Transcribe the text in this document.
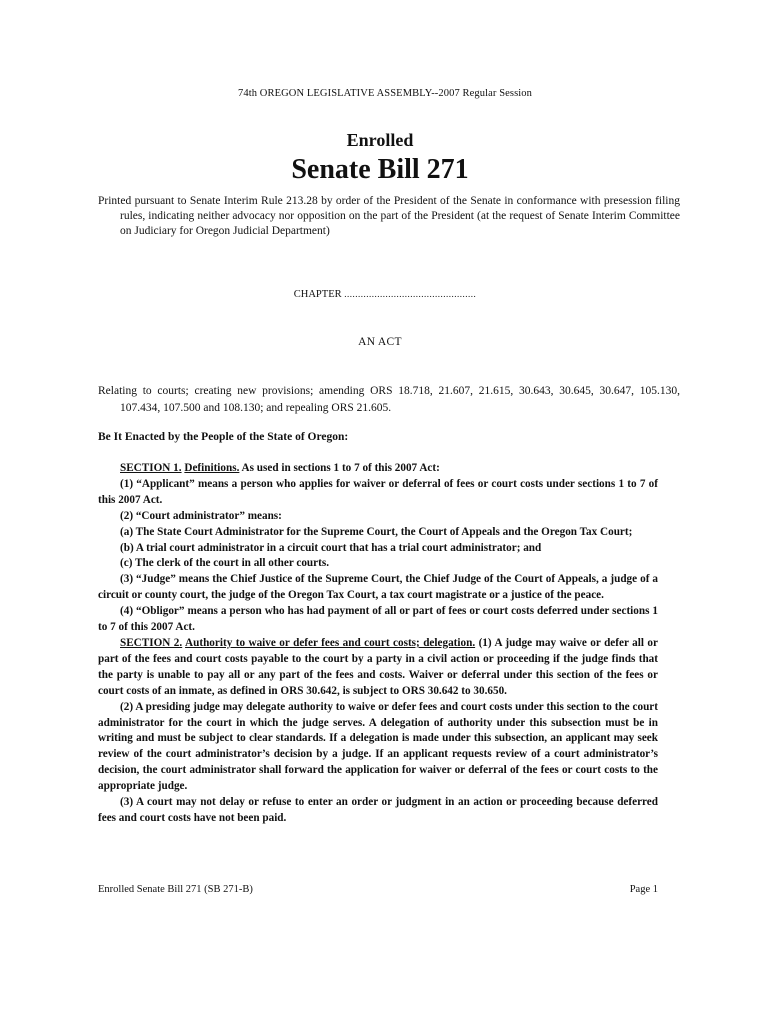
74th OREGON LEGISLATIVE ASSEMBLY--2007 Regular Session
Enrolled
Senate Bill 271
Printed pursuant to Senate Interim Rule 213.28 by order of the President of the Senate in conformance with presession filing rules, indicating neither advocacy nor opposition on the part of the President (at the request of Senate Interim Committee on Judiciary for Oregon Judicial Department)
CHAPTER ................................................
AN ACT
Relating to courts; creating new provisions; amending ORS 18.718, 21.607, 21.615, 30.643, 30.645, 30.647, 105.130, 107.434, 107.500 and 108.130; and repealing ORS 21.605.
Be It Enacted by the People of the State of Oregon:

SECTION 1. Definitions. As used in sections 1 to 7 of this 2007 Act:

(1) “Applicant” means a person who applies for waiver or deferral of fees or court costs under sections 1 to 7 of this 2007 Act.

(2) “Court administrator” means:

(a) The State Court Administrator for the Supreme Court, the Court of Appeals and the Oregon Tax Court;

(b) A trial court administrator in a circuit court that has a trial court administrator; and

(c) The clerk of the court in all other courts.

(3) “Judge” means the Chief Justice of the Supreme Court, the Chief Judge of the Court of Appeals, a judge of a circuit or county court, the judge of the Oregon Tax Court, a tax court magistrate or a justice of the peace.

(4) “Obligor” means a person who has had payment of all or part of fees or court costs deferred under sections 1 to 7 of this 2007 Act.

SECTION 2. Authority to waive or defer fees and court costs; delegation. (1) A judge may waive or defer all or part of the fees and court costs payable to the court by a party in a civil action or proceeding if the judge finds that the party is unable to pay all or any part of the fees and costs. Waiver or deferral under this section of the fees or court costs of an inmate, as defined in ORS 30.642, is subject to ORS 30.642 to 30.650.

(2) A presiding judge may delegate authority to waive or defer fees and court costs under this section to the court administrator for the court in which the judge serves. A delegation of authority under this subsection must be in writing and must be subject to clear standards. If a delegation is made under this subsection, an applicant may seek review of the court administrator’s decision by a judge. If an applicant requests review of a court administrator’s decision, the court administrator shall forward the application for waiver or deferral of the fees or court costs to the appropriate judge.

(3) A court may not delay or refuse to enter an order or judgment in an action or proceeding because deferred fees and court costs have not been paid.

Enrolled Senate Bill 271 (SB 271-B)	Page 1
